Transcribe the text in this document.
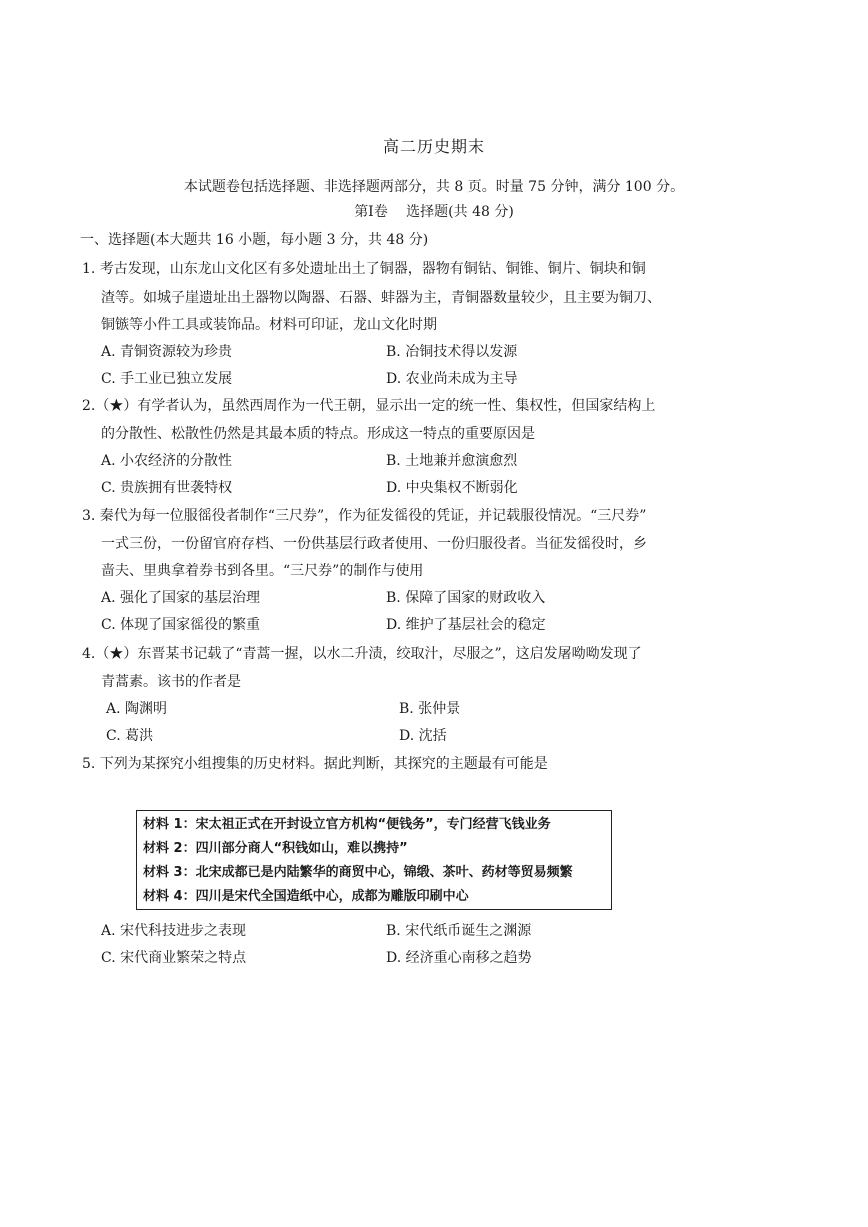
高二历史期末
本试题卷包括选择题、非选择题两部分，共 8 页。时量 75 分钟，满分 100 分。
第Ⅰ卷　 选择题(共 48 分)
一、选择题(本大题共 16 小题，每小题 3 分，共 48 分)
1. 考古发现，山东龙山文化区有多处遗址出土了铜器，器物有铜钻、铜锥、铜片、铜块和铜
渣等。如城子崖遗址出土器物以陶器、石器、蚌器为主，青铜器数量较少，且主要为铜刀、
铜镞等小件工具或装饰品。材料可印证，龙山文化时期
A. 青铜资源较为珍贵	B. 冶铜技术得以发源
C. 手工业已独立发展	D. 农业尚未成为主导
2.（★）有学者认为，虽然西周作为一代王朝，显示出一定的统一性、集权性，但国家结构上
的分散性、松散性仍然是其最本质的特点。形成这一特点的重要原因是
A. 小农经济的分散性	B. 土地兼并愈演愈烈
C. 贵族拥有世袭特权	D. 中央集权不断弱化
3. 秦代为每一位服徭役者制作“三尺券”，作为征发徭役的凭证，并记载服役情况。“三尺券”
一式三份，一份留官府存档、一份供基层行政者使用、一份归服役者。当征发徭役时，乡
啬夫、里典拿着券书到各里。“三尺券”的制作与使用
A. 强化了国家的基层治理	B. 保障了国家的财政收入
C. 体现了国家徭役的繁重	D. 维护了基层社会的稳定
4.（★）东晋某书记载了“青蒿一握，以水二升渍，绞取汁，尽服之”，这启发屠呦呦发现了
青蒿素。该书的作者是
A. 陶渊明	B. 张仲景
C. 葛洪	D. 沈括
5. 下列为某探究小组搜集的历史材料。据此判断，其探究的主题最有可能是
材料 1：宋太祖正式在开封设立官方机构“便钱务”，专门经营飞钱业务
材料 2：四川部分商人“积钱如山，难以携持”
材料 3：北宋成都已是内陆繁华的商贸中心，锦缎、茶叶、药材等贸易频繁
材料 4：四川是宋代全国造纸中心，成都为雕版印刷中心
A. 宋代科技进步之表现	B. 宋代纸币诞生之渊源
C. 宋代商业繁荣之特点	D. 经济重心南移之趋势
